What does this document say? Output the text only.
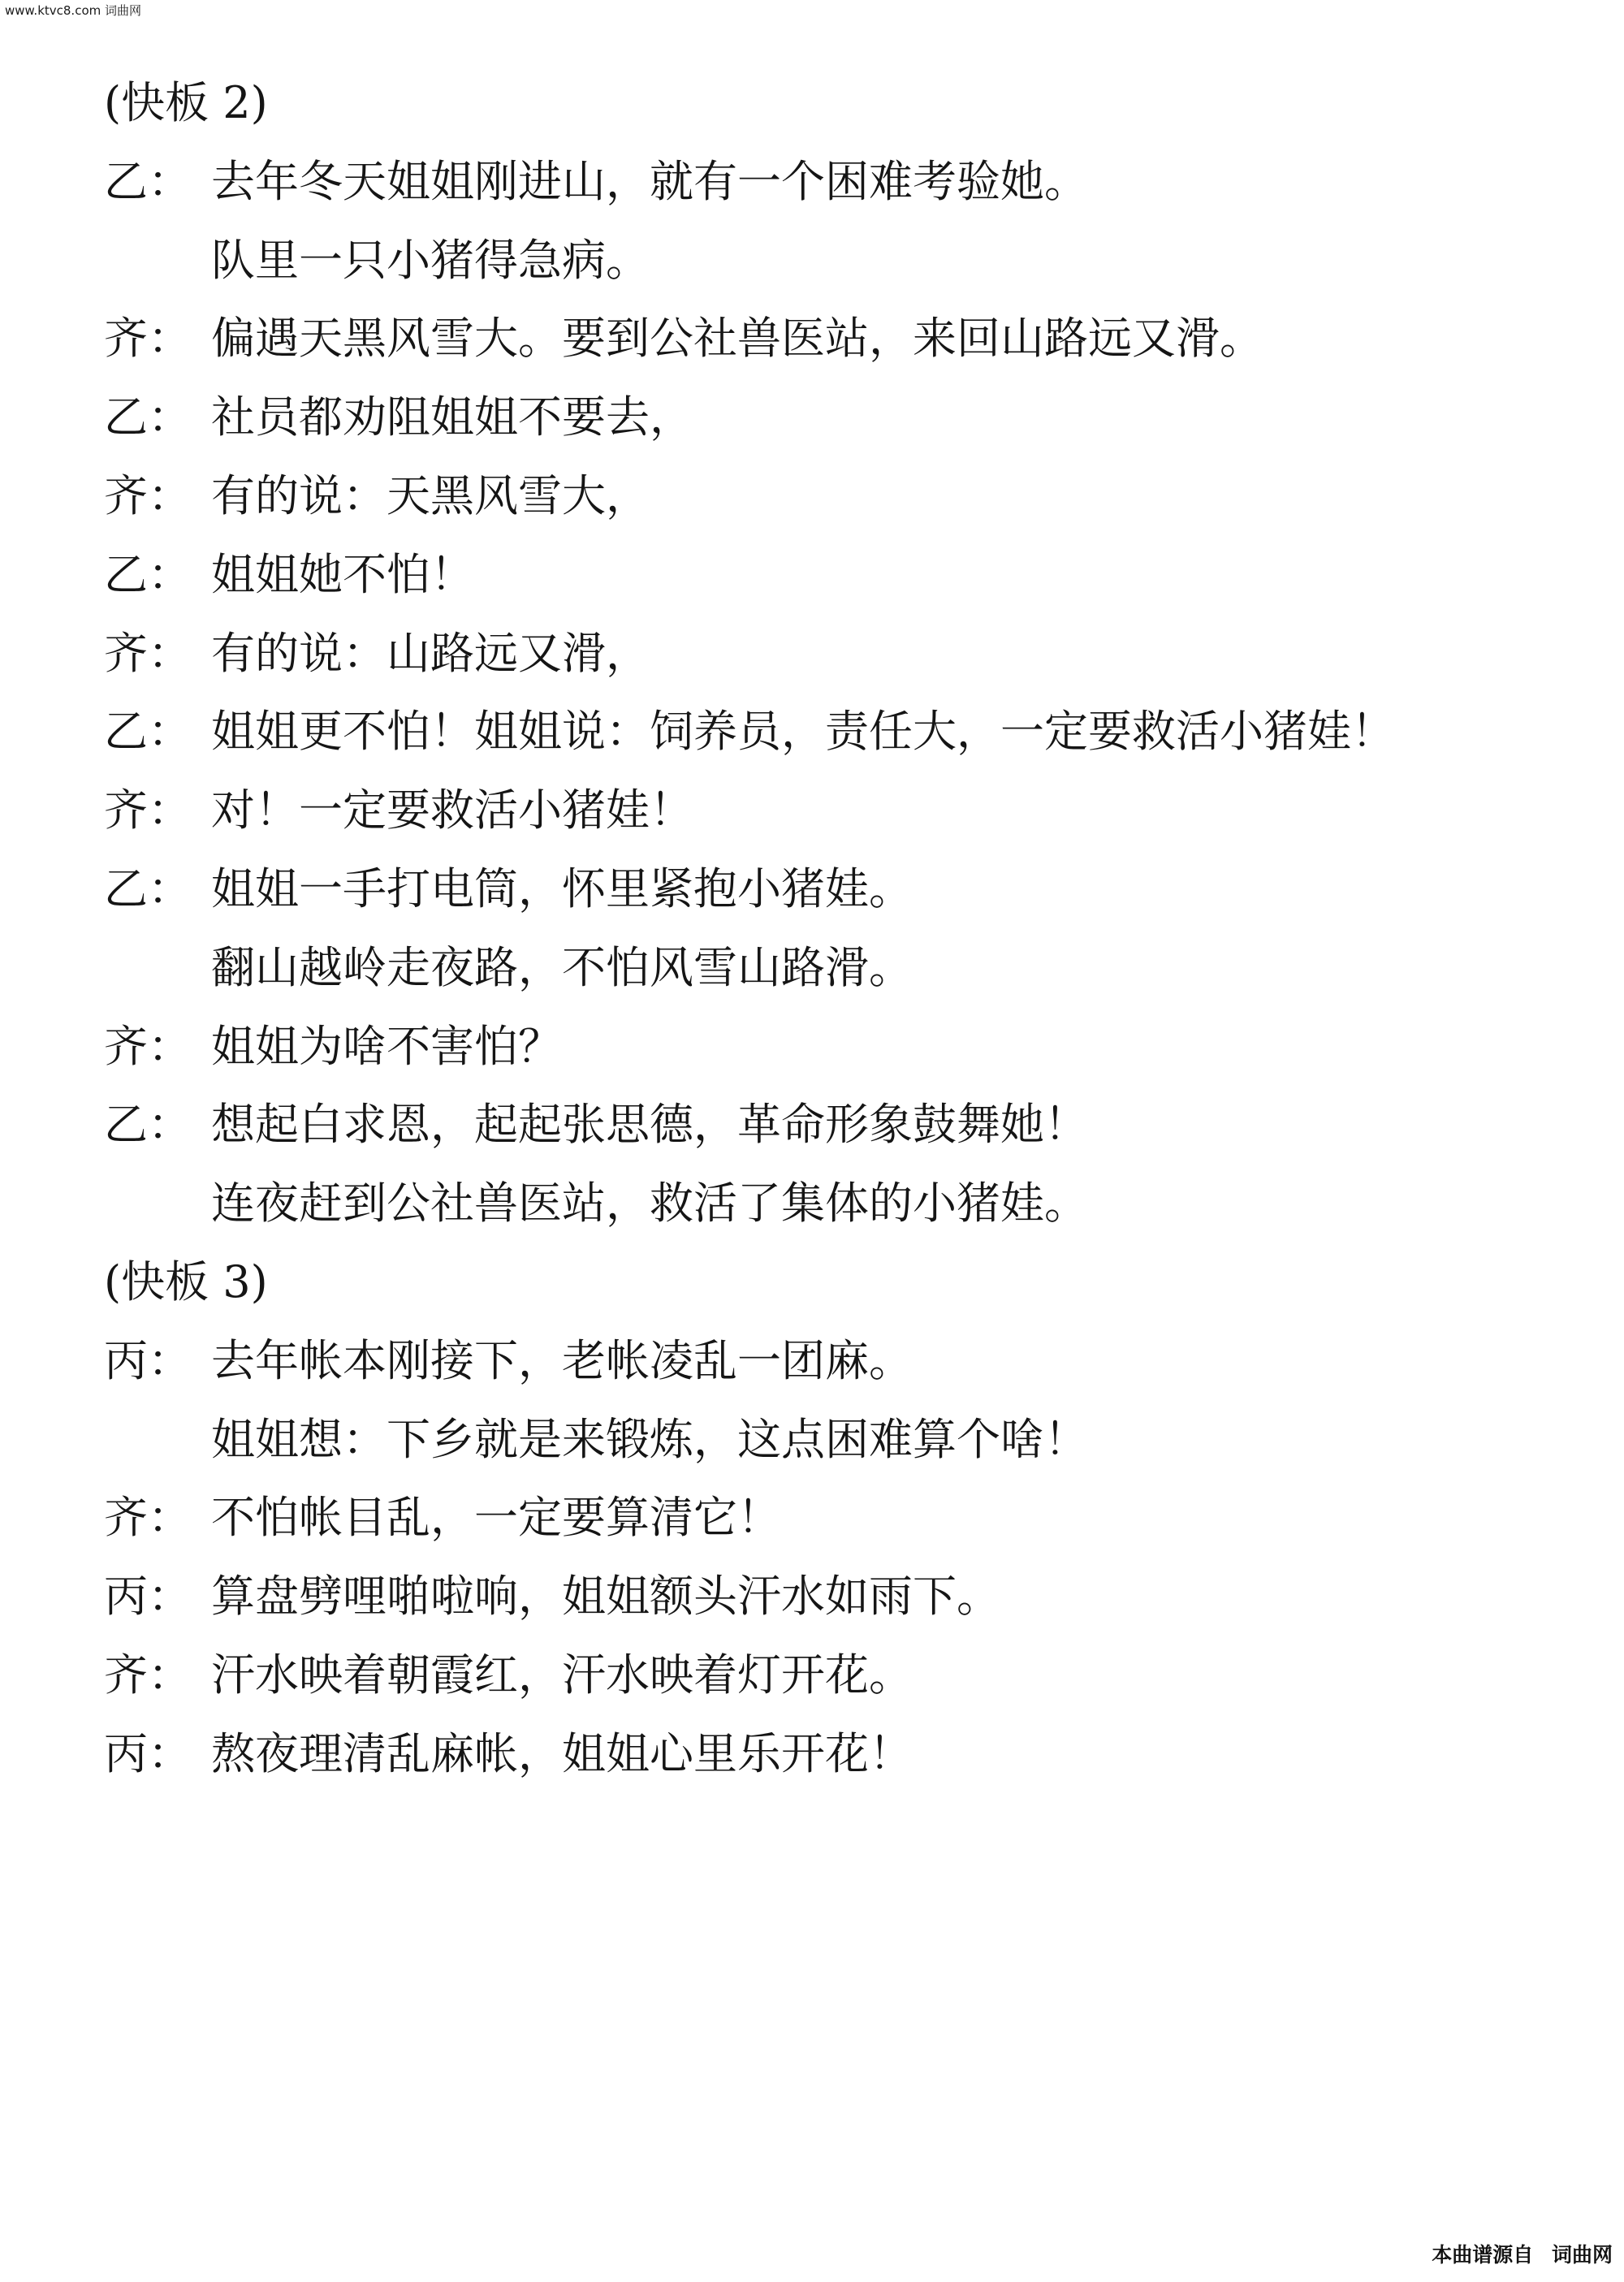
www.ktvc8.com 词曲网
(快板 2)
乙： 去年冬天姐姐刚进山，就有一个困难考验她。
队里一只小猪得急病。
齐： 偏遇天黑风雪大。要到公社兽医站，来回山路远又滑。
乙： 社员都劝阻姐姐不要去，
齐： 有的说：天黑风雪大，
乙： 姐姐她不怕！
齐： 有的说：山路远又滑，
乙： 姐姐更不怕！姐姐说：饲养员，责任大，一定要救活小猪娃！
齐： 对！一定要救活小猪娃！
乙： 姐姐一手打电筒，怀里紧抱小猪娃。
翻山越岭走夜路，不怕风雪山路滑。
齐： 姐姐为啥不害怕？
乙： 想起白求恩，起起张思德，革命形象鼓舞她！
连夜赶到公社兽医站，救活了集体的小猪娃。
(快板 3)
丙： 去年帐本刚接下，老帐凌乱一团麻。
姐姐想：下乡就是来锻炼，这点困难算个啥！
齐： 不怕帐目乱，一定要算清它！
丙： 算盘劈哩啪啦响，姐姐额头汗水如雨下。
齐： 汗水映着朝霞红，汗水映着灯开花。
丙： 熬夜理清乱麻帐，姐姐心里乐开花！
本曲谱源自 词曲网
